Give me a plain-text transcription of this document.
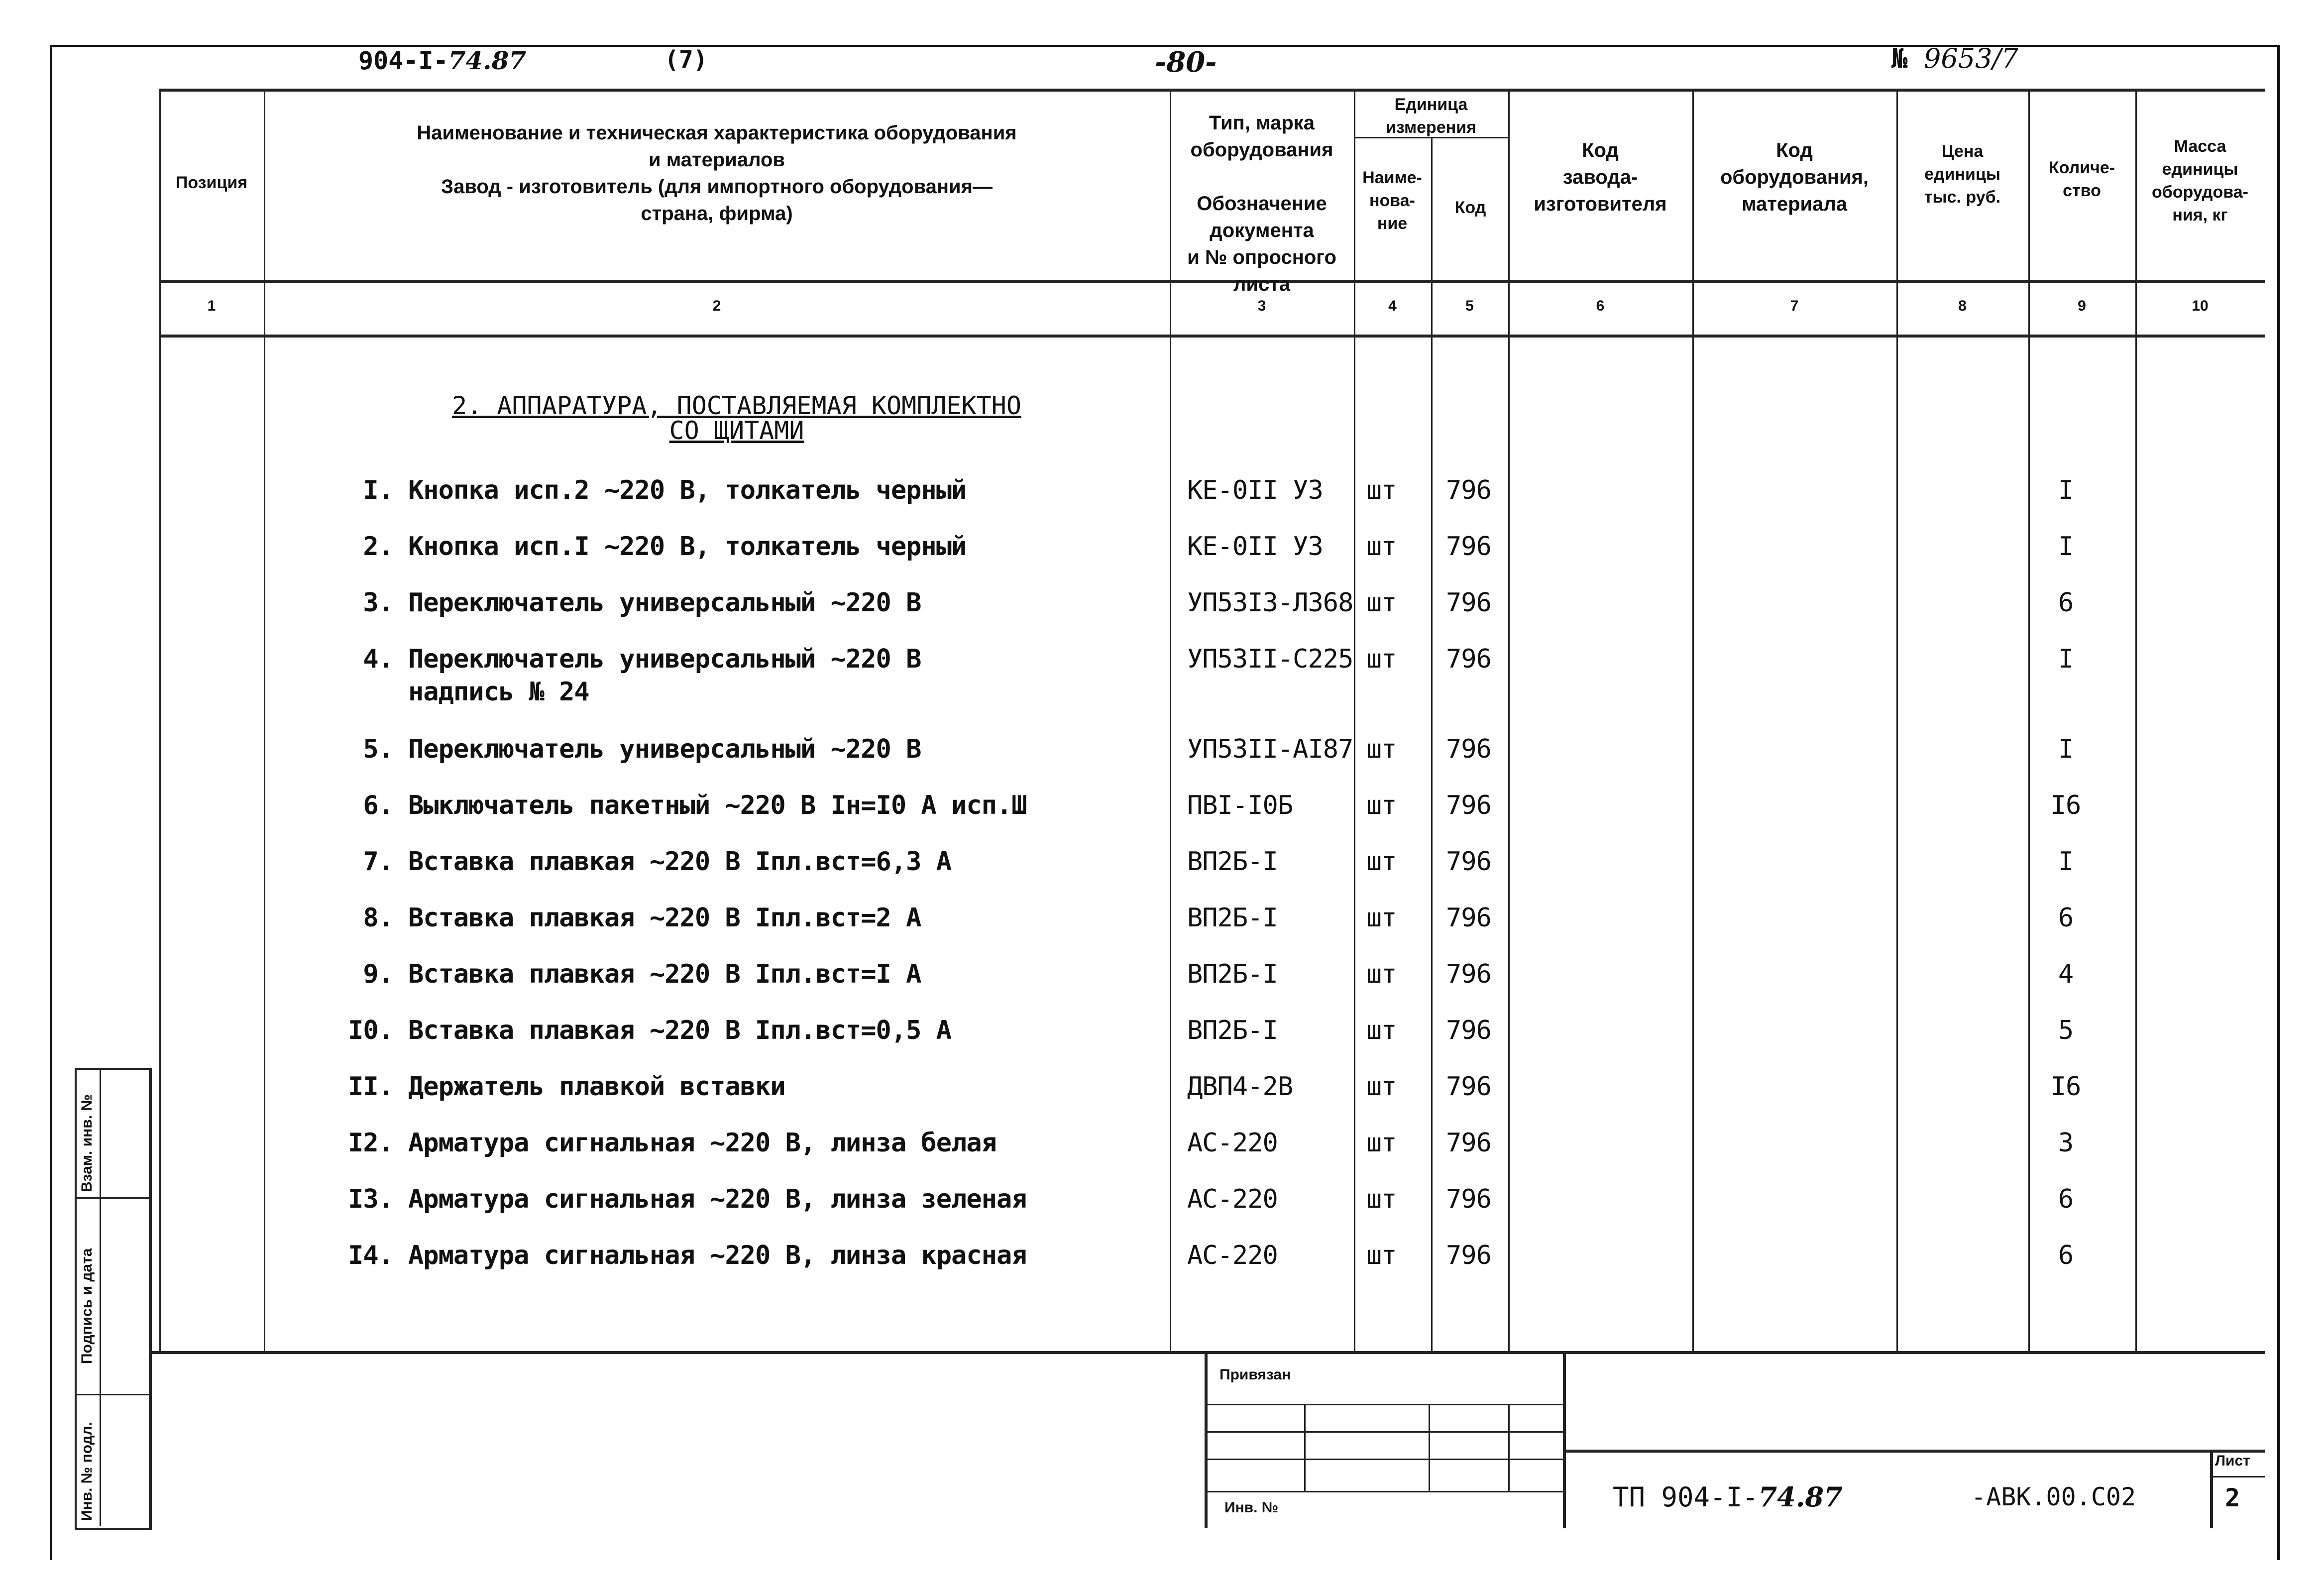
904-I-74.87	(7)	-80-	№ 9653/7
Позиция
Наименование и техническая характеристика оборудования
и материалов
Завод - изготовитель (для импортного оборудования—
страна, фирма)
Тип, марка
оборудования

Обозначение
документа
и № опросного
листа
Единица
измерения
Наиме-
нова-
ние
Код
Код
завода-
изготовителя
Код
оборудования,
материала
Цена
единицы
тыс. руб.
Количе-
ство
Масса
единицы
оборудова-
ния, кг
1	2	3	4	5	6	7	8	9	10
2. АППАРАТУРА, ПОСТАВЛЯЕМАЯ КОМПЛЕКТНО
СО ЩИТАМИ
I. Кнопка исп.2 ~220 В, толкатель черный	КЕ-0II У3 шт 796	I
2. Кнопка исп.I ~220 В, толкатель черный	КЕ-0II У3 шт 796	I
3. Переключатель универсальный ~220 В	УП53I3-Л368 шт 796	6
4. Переключатель универсальный ~220 В
надпись № 24
УП53II-С225 шт 796	I
5. Переключатель универсальный ~220 В	УП53II-АI87 шт 796	I
6. Выключатель пакетный ~220 В Iн=I0 А исп.Ш	ПВI-I0Б	шт 796	I6
7. Вставка плавкая ~220 В Iпл.вст=6,3 А	ВП2Б-I	шт 796	I
8. Вставка плавкая ~220 В Iпл.вст=2 А	ВП2Б-I	шт 796	6
9. Вставка плавкая ~220 В Iпл.вст=I А	ВП2Б-I	шт 796	4
I0. Вставка плавкая ~220 В Iпл.вст=0,5 А	ВП2Б-I	шт 796	5
II. Держатель плавкой вставки	ДВП4-2В	шт 796	I6
I2. Арматура сигнальная ~220 В, линза белая	АС-220	шт 796	3
I3. Арматура сигнальная ~220 В, линза зеленая	АС-220	шт 796	6
I4. Арматура сигнальная ~220 В, линза красная	АС-220	шт 796	6
Привязан
Инв. №	ТП 904-I-74.87	-АВК.00.С02
Лист
2
Взам. инв. №
Подпись и дата
Инв. № подл.
